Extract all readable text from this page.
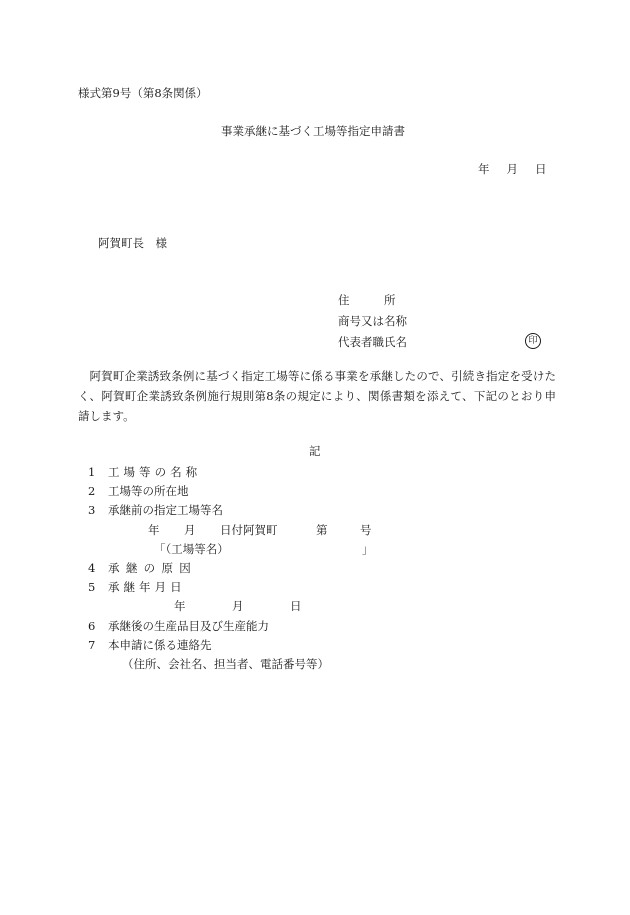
様式第9号（第8条関係）
事業承継に基づく工場等指定申請書
年 月 日
阿賀町長　様
住　　　所
商号又は名称
代表者職氏名	印
阿賀町企業誘致条例に基づく指定工場等に係る事業を承継したので、引続き指定を受けたく、阿賀町企業誘致条例施行規則第8条の規定により、関係書類を添えて、下記のとおり申請します。
記
1 工場等の名称
2 工場等の所在地
3 承継前の指定工場等名
年 月 日付阿賀町	第	号
「（工場等名）	」
4 承継の原因
5 承継年月日
年	月	日
6 承継後の生産品目及び生産能力
7 本申請に係る連絡先
（住所、会社名、担当者、電話番号等）
